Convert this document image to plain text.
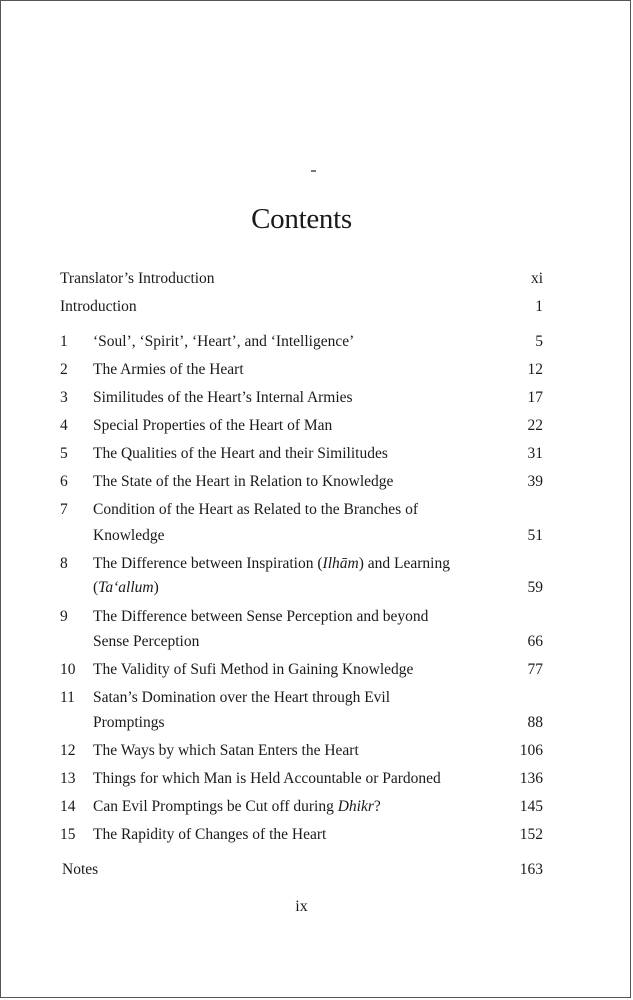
Contents
Translator’s Introduction	xi
Introduction	1
1	‘Soul’, ‘Spirit’, ‘Heart’, and ‘Intelligence’	5
2	The Armies of the Heart	12
3	Similitudes of the Heart’s Internal Armies	17
4	Special Properties of the Heart of Man	22
5	The Qualities of the Heart and their Similitudes	31
6	The State of the Heart in Relation to Knowledge	39
7	Condition of the Heart as Related to the Branches of
Knowledge	51
8	The Difference between Inspiration (Ilhām) and Learning
(Ta‘allum)	59
9	The Difference between Sense Perception and beyond
Sense Perception	66
10	The Validity of Sufi Method in Gaining Knowledge	77
11	Satan’s Domination over the Heart through Evil
Promptings	88
12	The Ways by which Satan Enters the Heart	106
13	Things for which Man is Held Accountable or Pardoned	136
14	Can Evil Promptings be Cut off during Dhikr?	145
15	The Rapidity of Changes of the Heart	152
Notes	163
ix
